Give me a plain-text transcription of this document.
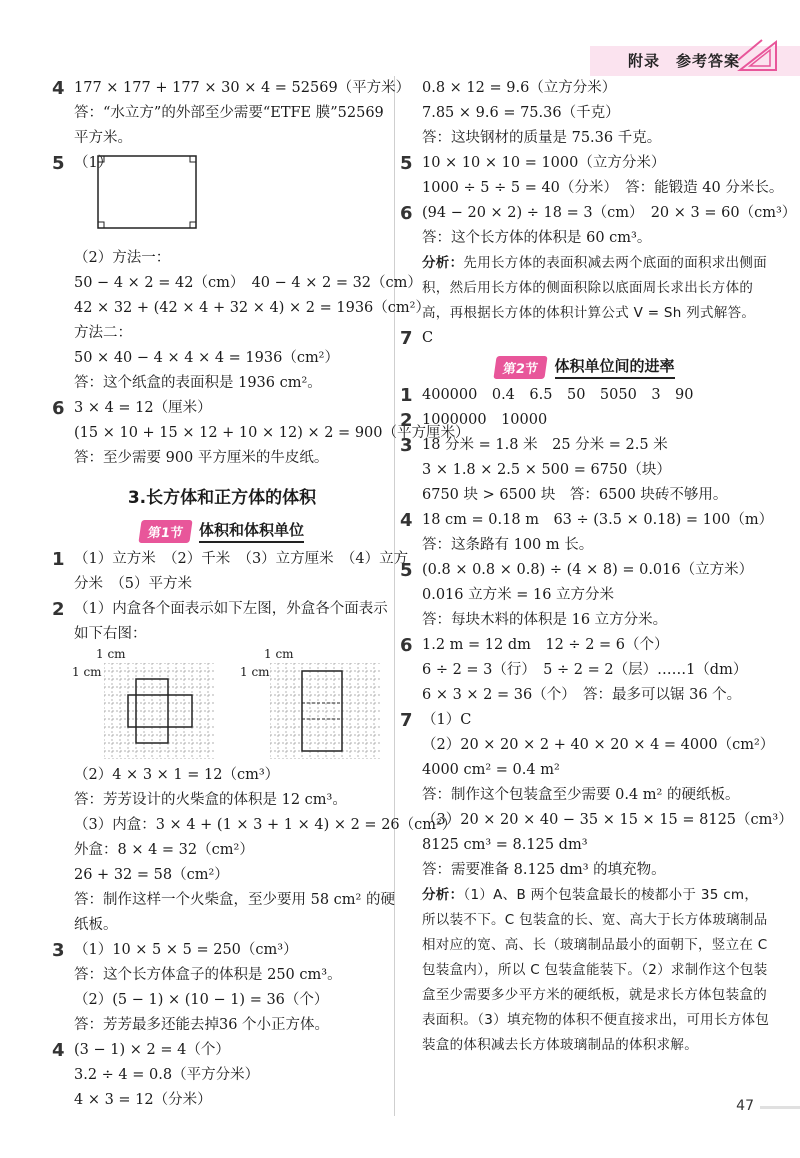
附录　参考答案
4 177 × 177 + 177 × 30 × 4 = 52569（平方米）
答：“水立方”的外部至少需要“ETFE 膜”52569
平方米。
5 （1）
（2）方法一：
50 − 4 × 2 = 42（cm）　40 − 4 × 2 = 32（cm）
42 × 32 + (42 × 4 + 32 × 4) × 2 = 1936（cm²）
方法二：
50 × 40 − 4 × 4 × 4 = 1936（cm²）
答：这个纸盒的表面积是 1936 cm²。
6 3 × 4 = 12（厘米）
(15 × 10 + 15 × 12 + 10 × 12) × 2 = 900（平方厘米）
答：至少需要 900 平方厘米的牛皮纸。
3.长方体和正方体的体积
第1节	体积和体积单位
1 （1）立方米　（2）千米　（3）立方厘米　（4）立方
分米　（5）平方米
2 （1）内盒各个面表示如下左图，外盒各个面表示
如下右图：
1 cm
1 cm
1 cm
1 cm
（2）4 × 3 × 1 = 12（cm³）
答：芳芳设计的火柴盒的体积是 12 cm³。
（3）内盒：3 × 4 + (1 × 3 + 1 × 4) × 2 = 26（cm²）
外盒：8 × 4 = 32（cm²）
26 + 32 = 58（cm²）
答：制作这样一个火柴盒，至少要用 58 cm² 的硬
纸板。
3 （1）10 × 5 × 5 = 250（cm³）
答：这个长方体盒子的体积是 250 cm³。
（2）(5 − 1) × (10 − 1) = 36（个）
答：芳芳最多还能去掉36 个小正方体。
4 (3 − 1) × 2 = 4（个）
3.2 ÷ 4 = 0.8（平方分米）
4 × 3 = 12（分米）
0.8 × 12 = 9.6（立方分米）
7.85 × 9.6 = 75.36（千克）
答：这块钢材的质量是 75.36 千克。
5 10 × 10 × 10 = 1000（立方分米）
1000 ÷ 5 ÷ 5 = 40（分米）　答：能锻造 40 分米长。
6 (94 − 20 × 2) ÷ 18 = 3（cm）　20 × 3 = 60（cm³）
答：这个长方体的体积是 60 cm³。
分析：先用长方体的表面积减去两个底面的面积求出侧面积，然后用长方体的侧面积除以底面周长求出长方体的高，再根据长方体的体积计算公式 V = Sh 列式解答。
7 C
第2节	体积单位间的进率
1 400000　0.4　6.5　50　5050　3　90
2 1000000　10000
3 18 分米 = 1.8 米　25 分米 = 2.5 米
3 × 1.8 × 2.5 × 500 = 6750（块）
6750 块 > 6500 块　答：6500 块砖不够用。
4 18 cm = 0.18 m　63 ÷ (3.5 × 0.18) = 100（m）
答：这条路有 100 m 长。
5 (0.8 × 0.8 × 0.8) ÷ (4 × 8) = 0.016（立方米）
0.016 立方米 = 16 立方分米
答：每块木料的体积是 16 立方分米。
6 1.2 m = 12 dm　12 ÷ 2 = 6（个）
6 ÷ 2 = 3（行）　5 ÷ 2 = 2（层）……1（dm）
6 × 3 × 2 = 36（个）　答：最多可以锯 36 个。
7 （1）C
（2）20 × 20 × 2 + 40 × 20 × 4 = 4000（cm²）
4000 cm² = 0.4 m²
答：制作这个包装盒至少需要 0.4 m² 的硬纸板。
（3）20 × 20 × 40 − 35 × 15 × 15 = 8125（cm³）
8125 cm³ = 8.125 dm³
答：需要准备 8.125 dm³ 的填充物。
分析：（1）A、B 两个包装盒最长的棱都小于 35 cm，所以装不下。C 包装盒的长、宽、高大于长方体玻璃制品相对应的宽、高、长（玻璃制品最小的面朝下，竖立在 C 包装盒内），所以 C 包装盒能装下。（2）求制作这个包装盒至少需要多少平方米的硬纸板，就是求长方体包装盒的表面积。（3）填充物的体积不便直接求出，可用长方体包装盒的体积减去长方体玻璃制品的体积求解。
47
